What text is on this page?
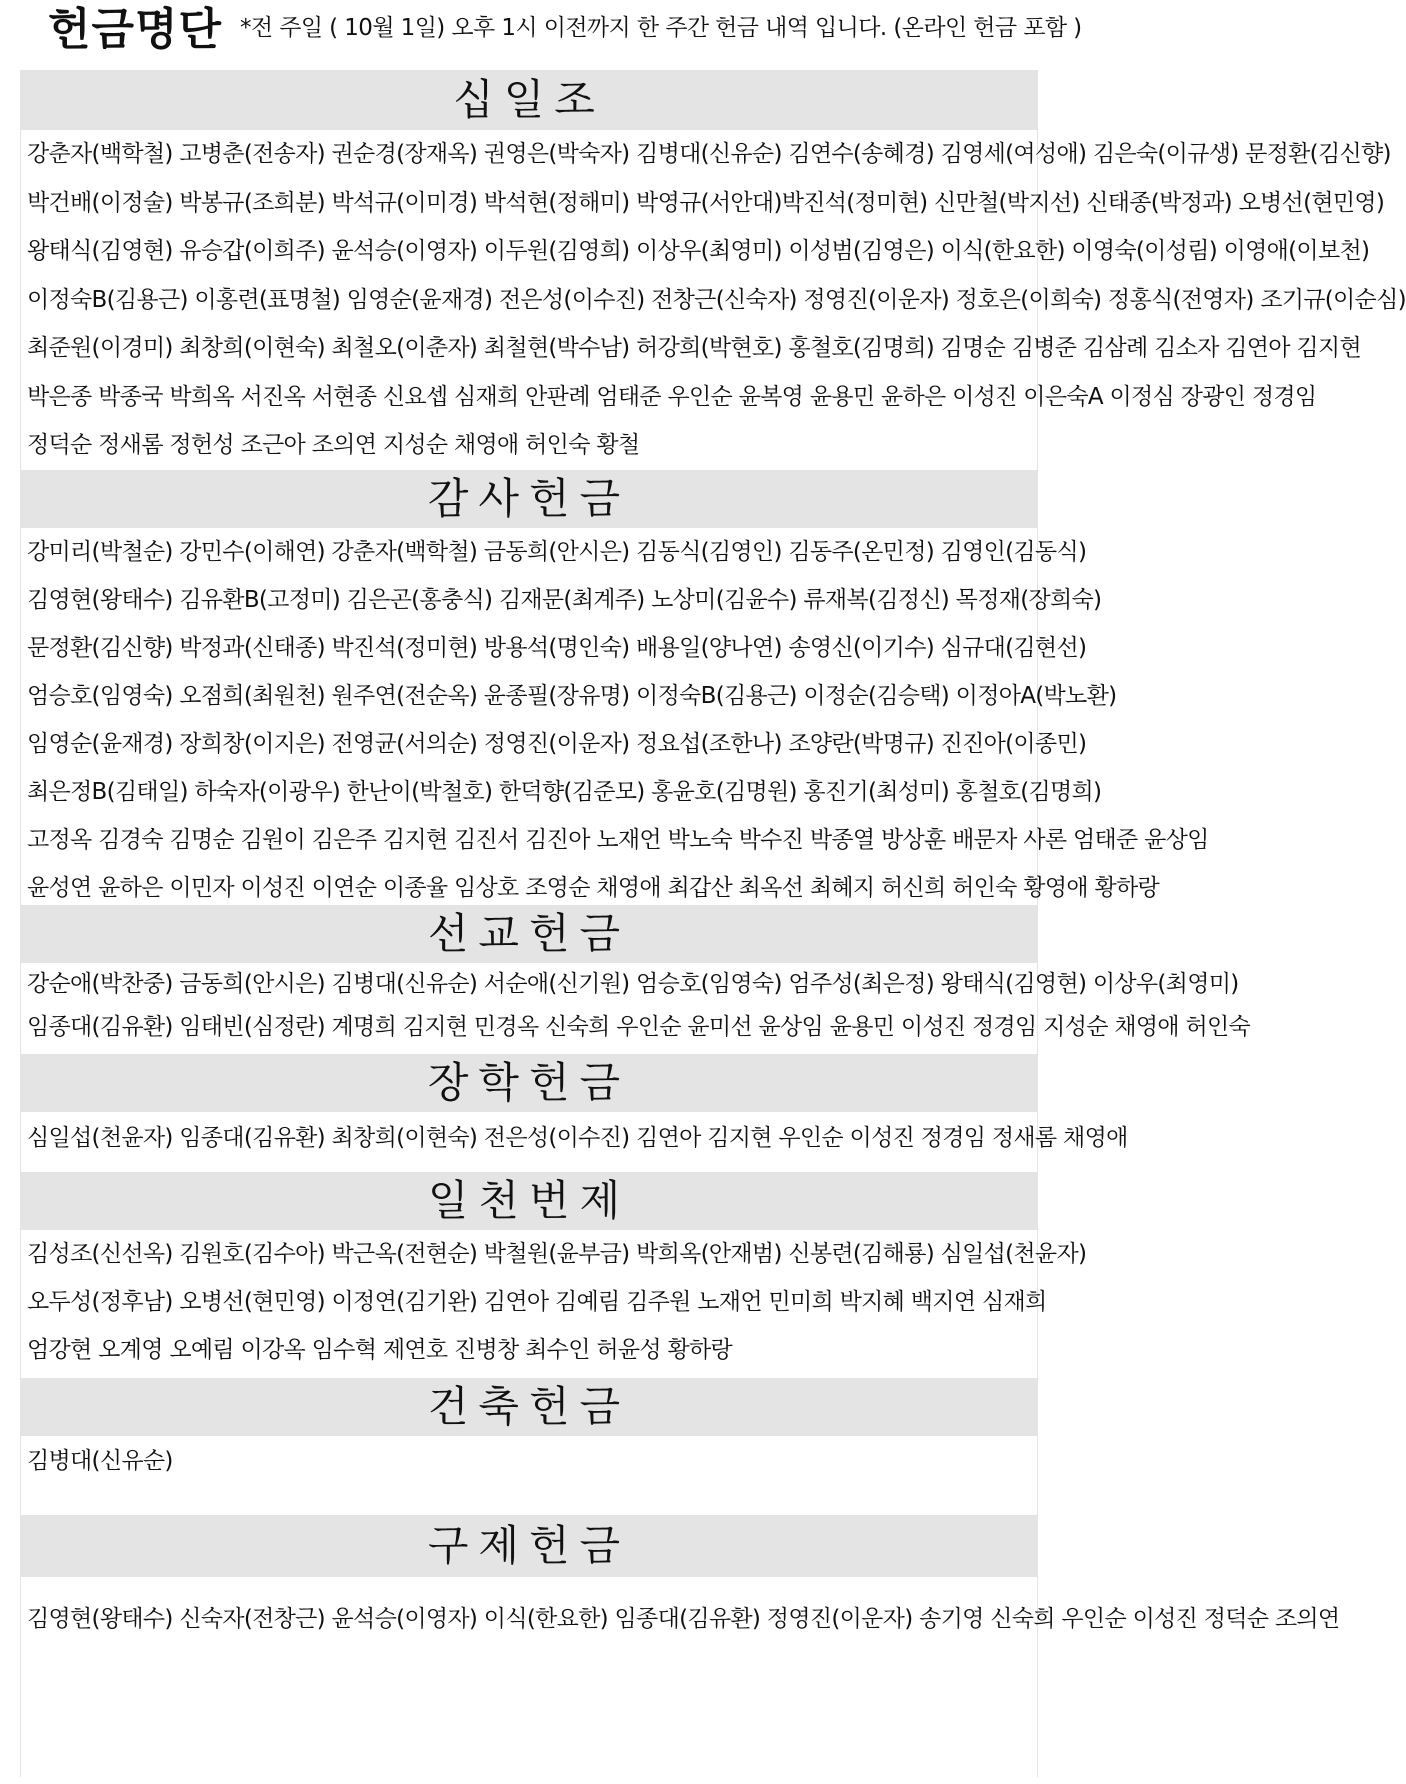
헌금명단 *전 주일 ( 10월 1일) 오후 1시 이전까지 한 주간 헌금 내역 입니다. (온라인 헌금 포함 )
십일조
강춘자(백학철) 고병춘(전송자) 권순경(장재옥) 권영은(박숙자) 김병대(신유순) 김연수(송혜경) 김영세(여성애) 김은숙(이규생) 문정환(김신향)
박건배(이정술) 박봉규(조희분) 박석규(이미경) 박석현(정해미) 박영규(서안대)박진석(정미현) 신만철(박지선) 신태종(박정과) 오병선(현민영)
왕태식(김영현) 유승갑(이희주) 윤석승(이영자) 이두원(김영희) 이상우(최영미) 이성범(김영은) 이식(한요한) 이영숙(이성림) 이영애(이보천)
이정숙B(김용근) 이홍련(표명철) 임영순(윤재경) 전은성(이수진) 전창근(신숙자) 정영진(이운자) 정호은(이희숙) 정홍식(전영자) 조기규(이순심)
최준원(이경미) 최창희(이현숙) 최철오(이춘자) 최철현(박수남) 허강희(박현호) 홍철호(김명희) 김명순 김병준 김삼례 김소자 김연아 김지현
박은종 박종국 박희옥 서진옥 서현종 신요셉 심재희 안판례 엄태준 우인순 윤복영 윤용민 윤하은 이성진 이은숙A 이정심 장광인 정경임
정덕순 정새롬 정헌성 조근아 조의연 지성순 채영애 허인숙 황철
감사헌금
강미리(박철순) 강민수(이해연) 강춘자(백학철) 금동희(안시은) 김동식(김영인) 김동주(온민정) 김영인(김동식)
김영현(왕태수) 김유환B(고정미) 김은곤(홍충식) 김재문(최계주) 노상미(김윤수) 류재복(김정신) 목정재(장희숙)
문정환(김신향) 박정과(신태종) 박진석(정미현) 방용석(명인숙) 배용일(양나연) 송영신(이기수) 심규대(김현선)
엄승호(임영숙) 오점희(최원천) 원주연(전순옥) 윤종필(장유명) 이정숙B(김용근) 이정순(김승택) 이정아A(박노환)
임영순(윤재경) 장희창(이지은) 전영균(서의순) 정영진(이운자) 정요섭(조한나) 조양란(박명규) 진진아(이종민)
최은정B(김태일) 하숙자(이광우) 한난이(박철호) 한덕향(김준모) 홍윤호(김명원) 홍진기(최성미) 홍철호(김명희)
고정옥 김경숙 김명순 김원이 김은주 김지현 김진서 김진아 노재언 박노숙 박수진 박종열 방상훈 배문자 사론 엄태준 윤상임
윤성연 윤하은 이민자 이성진 이연순 이종율 임상호 조영순 채영애 최갑산 최옥선 최혜지 허신희 허인숙 황영애 황하랑
선교헌금
강순애(박찬중) 금동희(안시은) 김병대(신유순) 서순애(신기원) 엄승호(임영숙) 엄주성(최은정) 왕태식(김영현) 이상우(최영미)
임종대(김유환) 임태빈(심정란) 계명희 김지현 민경옥 신숙희 우인순 윤미선 윤상임 윤용민 이성진 정경임 지성순 채영애 허인숙
장학헌금
심일섭(천윤자) 임종대(김유환) 최창희(이현숙) 전은성(이수진) 김연아 김지현 우인순 이성진 정경임 정새롬 채영애
일천번제
김성조(신선옥) 김원호(김수아) 박근옥(전현순) 박철원(윤부금) 박희옥(안재범) 신봉련(김해룡) 심일섭(천윤자)
오두성(정후남) 오병선(현민영) 이정연(김기완) 김연아 김예림 김주원 노재언 민미희 박지혜 백지연 심재희
엄강현 오계영 오예림 이강옥 임수혁 제연호 진병창 최수인 허윤성 황하랑
건축헌금
김병대(신유순)
구제헌금
김영현(왕태수) 신숙자(전창근) 윤석승(이영자) 이식(한요한) 임종대(김유환) 정영진(이운자) 송기영 신숙희 우인순 이성진 정덕순 조의연
